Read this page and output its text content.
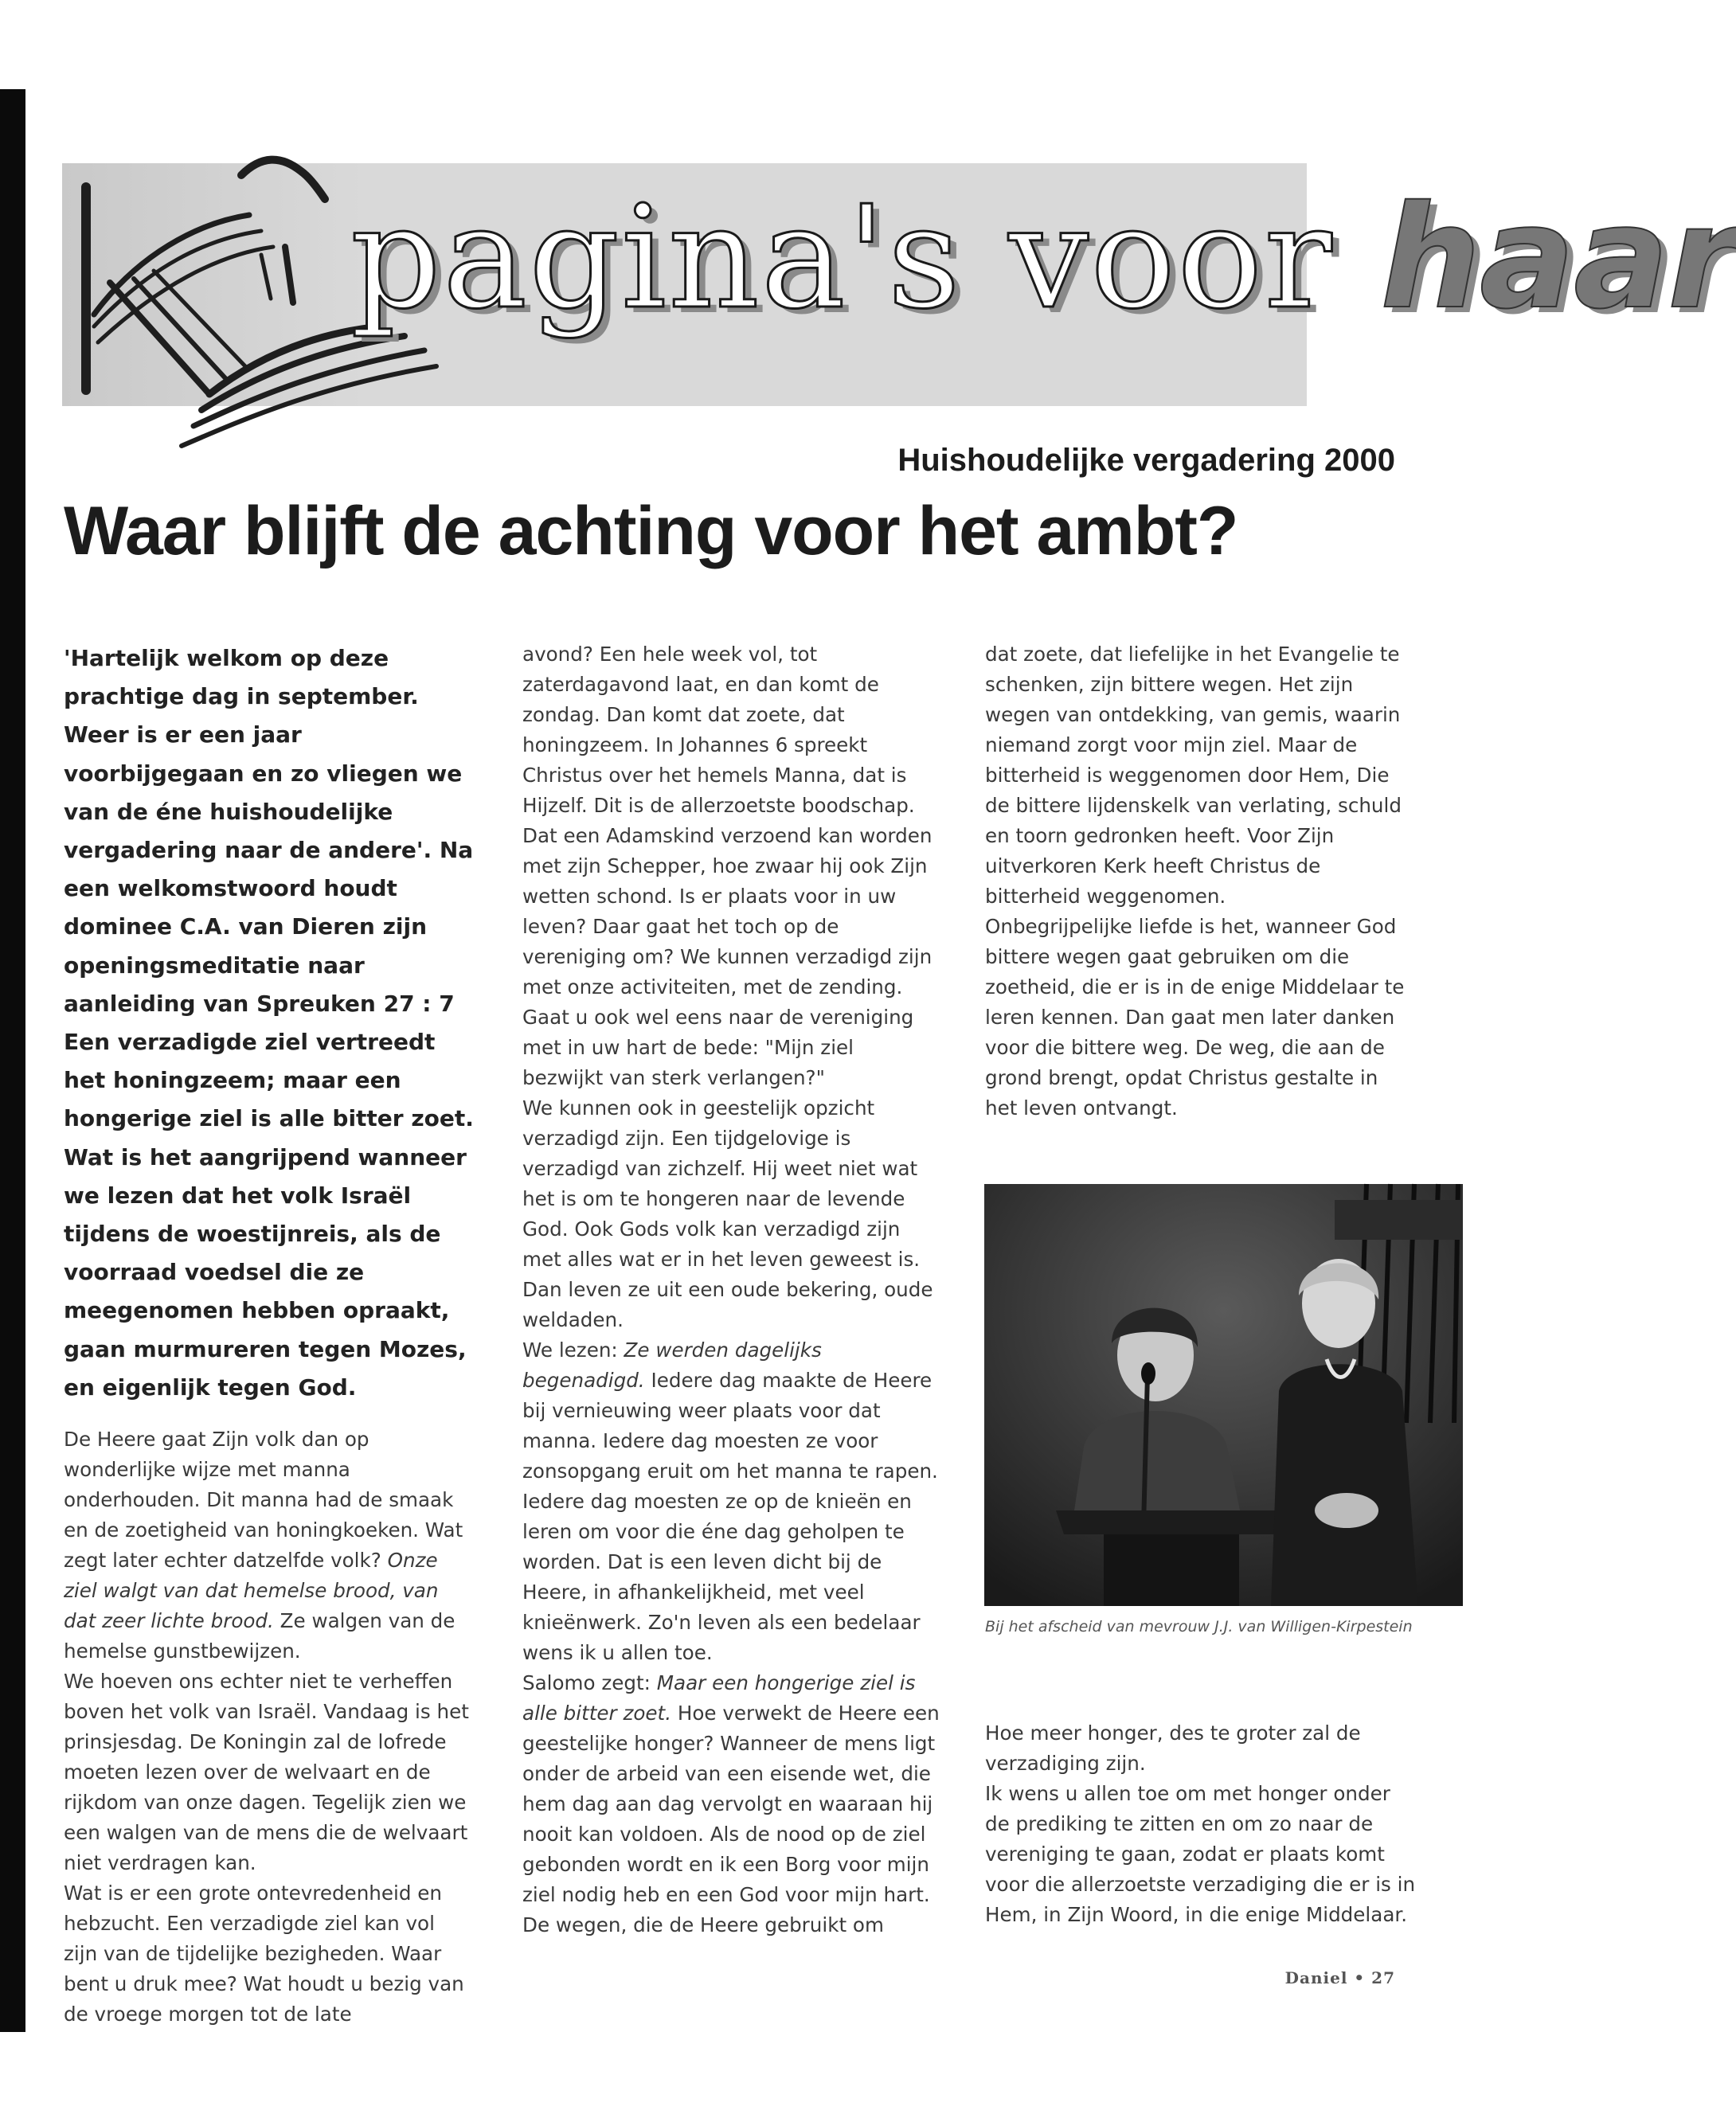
pagina's voor haar

Huishoudelijke vergadering 2000

Waar blijft de achting voor het ambt?

'Hartelijk welkom op deze prachtige dag in september. Weer is er een jaar voorbijgegaan en zo vliegen we van de éne huishoudelijke vergadering naar de andere'. Na een welkomstwoord houdt dominee C.A. van Dieren zijn openingsmeditatie naar aanleiding van Spreuken 27 : 7 Een verzadigde ziel vertreedt het honingzeem; maar een hongerige ziel is alle bitter zoet. Wat is het aangrijpend wanneer we lezen dat het volk Israël tijdens de woestijnreis, als de voorraad voedsel die ze meegenomen hebben opraakt, gaan murmureren tegen Mozes, en eigenlijk tegen God.

De Heere gaat Zijn volk dan op wonderlijke wijze met manna onderhouden. Dit manna had de smaak en de zoetigheid van honingkoeken. Wat zegt later echter datzelfde volk? Onze ziel walgt van dat hemelse brood, van dat zeer lichte brood. Ze walgen van de hemelse gunstbewijzen.

We hoeven ons echter niet te verheffen boven het volk van Israël. Vandaag is het prinsjesdag. De Koningin zal de lofrede moeten lezen over de welvaart en de rijkdom van onze dagen. Tegelijk zien we een walgen van de mens die de welvaart niet verdragen kan.

Wat is er een grote ontevredenheid en hebzucht. Een verzadigde ziel kan vol zijn van de tijdelijke bezigheden. Waar bent u druk mee? Wat houdt u bezig van de vroege morgen tot de late

avond? Een hele week vol, tot zaterdagavond laat, en dan komt de zondag. Dan komt dat zoete, dat honingzeem. In Johannes 6 spreekt Christus over het hemels Manna, dat is Hijzelf. Dit is de allerzoetste boodschap. Dat een Adamskind verzoend kan worden met zijn Schepper, hoe zwaar hij ook Zijn wetten schond. Is er plaats voor in uw leven? Daar gaat het toch op de vereniging om? We kunnen verzadigd zijn met onze activiteiten, met de zending. Gaat u ook wel eens naar de vereniging met in uw hart de bede: "Mijn ziel bezwijkt van sterk verlangen?"

We kunnen ook in geestelijk opzicht verzadigd zijn. Een tijdgelovige is verzadigd van zichzelf. Hij weet niet wat het is om te hongeren naar de levende God. Ook Gods volk kan verzadigd zijn met alles wat er in het leven geweest is. Dan leven ze uit een oude bekering, oude weldaden.

We lezen: Ze werden dagelijks begenadigd. Iedere dag maakte de Heere bij vernieuwing weer plaats voor dat manna. Iedere dag moesten ze voor zonsopgang eruit om het manna te rapen. Iedere dag moesten ze op de knieën en leren om voor die éne dag geholpen te worden. Dat is een leven dicht bij de Heere, in afhankelijkheid, met veel knieënwerk. Zo'n leven als een bedelaar wens ik u allen toe.

Salomo zegt: Maar een hongerige ziel is alle bitter zoet. Hoe verwekt de Heere een geestelijke honger? Wanneer de mens ligt onder de arbeid van een eisende wet, die hem dag aan dag vervolgt en waaraan hij nooit kan voldoen. Als de nood op de ziel gebonden wordt en ik een Borg voor mijn ziel nodig heb en een God voor mijn hart. De wegen, die de Heere gebruikt om

dat zoete, dat liefelijke in het Evangelie te schenken, zijn bittere wegen. Het zijn wegen van ontdekking, van gemis, waarin niemand zorgt voor mijn ziel. Maar de bitterheid is weggenomen door Hem, Die de bittere lijdenskelk van verlating, schuld en toorn gedronken heeft. Voor Zijn uitverkoren Kerk heeft Christus de bitterheid weggenomen.

Onbegrijpelijke liefde is het, wanneer God bittere wegen gaat gebruiken om die zoetheid, die er is in de enige Middelaar te leren kennen. Dan gaat men later danken voor die bittere weg. De weg, die aan de grond brengt, opdat Christus gestalte in het leven ontvangt.

Bij het afscheid van mevrouw J.J. van Willigen-Kirpestein

Hoe meer honger, des te groter zal de verzadiging zijn.

Ik wens u allen toe om met honger onder de prediking te zitten en om zo naar de vereniging te gaan, zodat er plaats komt voor die allerzoetste verzadiging die er is in Hem, in Zijn Woord, in die enige Middelaar.

Daniel • 27
